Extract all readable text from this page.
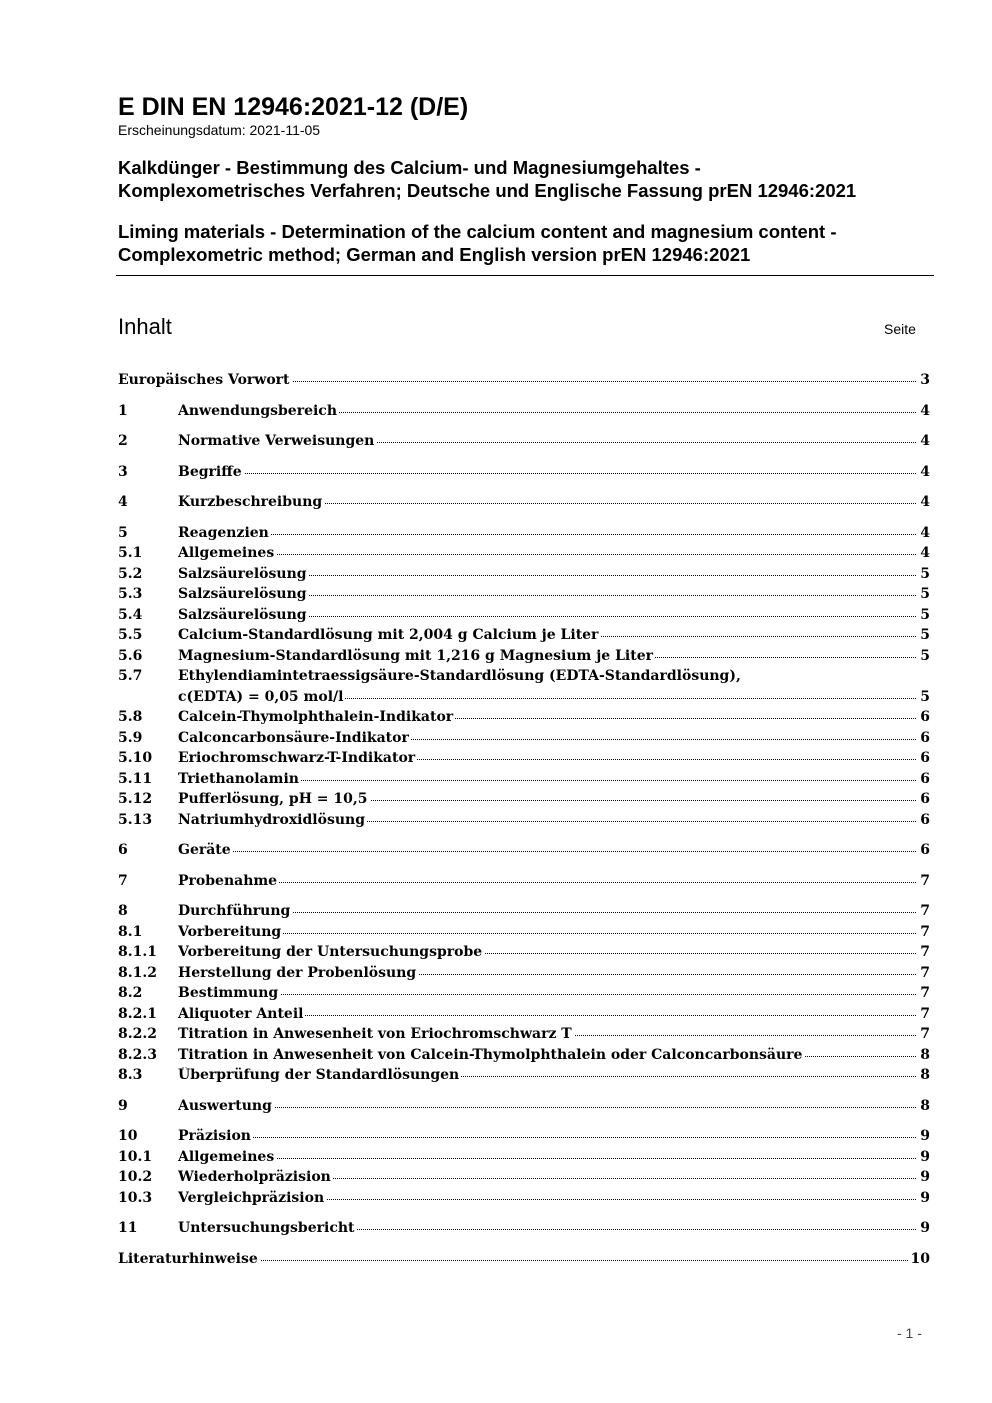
E DIN EN 12946:2021-12 (D/E)
Erscheinungsdatum: 2021-11-05
Kalkdünger - Bestimmung des Calcium- und Magnesiumgehaltes -
Komplexometrisches Verfahren; Deutsche und Englische Fassung prEN 12946:2021
Liming materials - Determination of the calcium content and magnesium content -
Complexometric method; German and English version prEN 12946:2021
Inhalt	Seite
Europäisches Vorwort	3
1	Anwendungsbereich	4
2	Normative Verweisungen	4
3	Begriffe	4
4	Kurzbeschreibung	4
5	Reagenzien	4
5.1	Allgemeines	4
5.2	Salzsäurelösung	5
5.3	Salzsäurelösung	5
5.4	Salzsäurelösung	5
5.5	Calcium-Standardlösung mit 2,004 g Calcium je Liter	5
5.6	Magnesium-Standardlösung mit 1,216 g Magnesium je Liter	5
5.7	Ethylendiamintetraessigsäure-Standardlösung (EDTA-Standardlösung),
c(EDTA) = 0,05 mol/l	5
5.8	Calcein-Thymolphthalein-Indikator	6
5.9	Calconcarbonsäure-Indikator	6
5.10 Eriochromschwarz-T-Indikator	6
5.11 Triethanolamin	6
5.12 Pufferlösung, pH = 10,5	6
5.13 Natriumhydroxidlösung	6
6	Geräte	6
7	Probenahme	7
8	Durchführung	7
8.1	Vorbereitung	7
8.1.1 Vorbereitung der Untersuchungsprobe	7
8.1.2 Herstellung der Probenlösung	7
8.2	Bestimmung	7
8.2.1 Aliquoter Anteil	7
8.2.2 Titration in Anwesenheit von Eriochromschwarz T	7
8.2.3 Titration in Anwesenheit von Calcein-Thymolphthalein oder Calconcarbonsäure	8
8.3	Überprüfung der Standardlösungen	8
9	Auswertung	8
10	Präzision	9
10.1 Allgemeines	9
10.2 Wiederholpräzision	9
10.3 Vergleichpräzision	9
11	Untersuchungsbericht	9
Literaturhinweise	10
- 1 -
